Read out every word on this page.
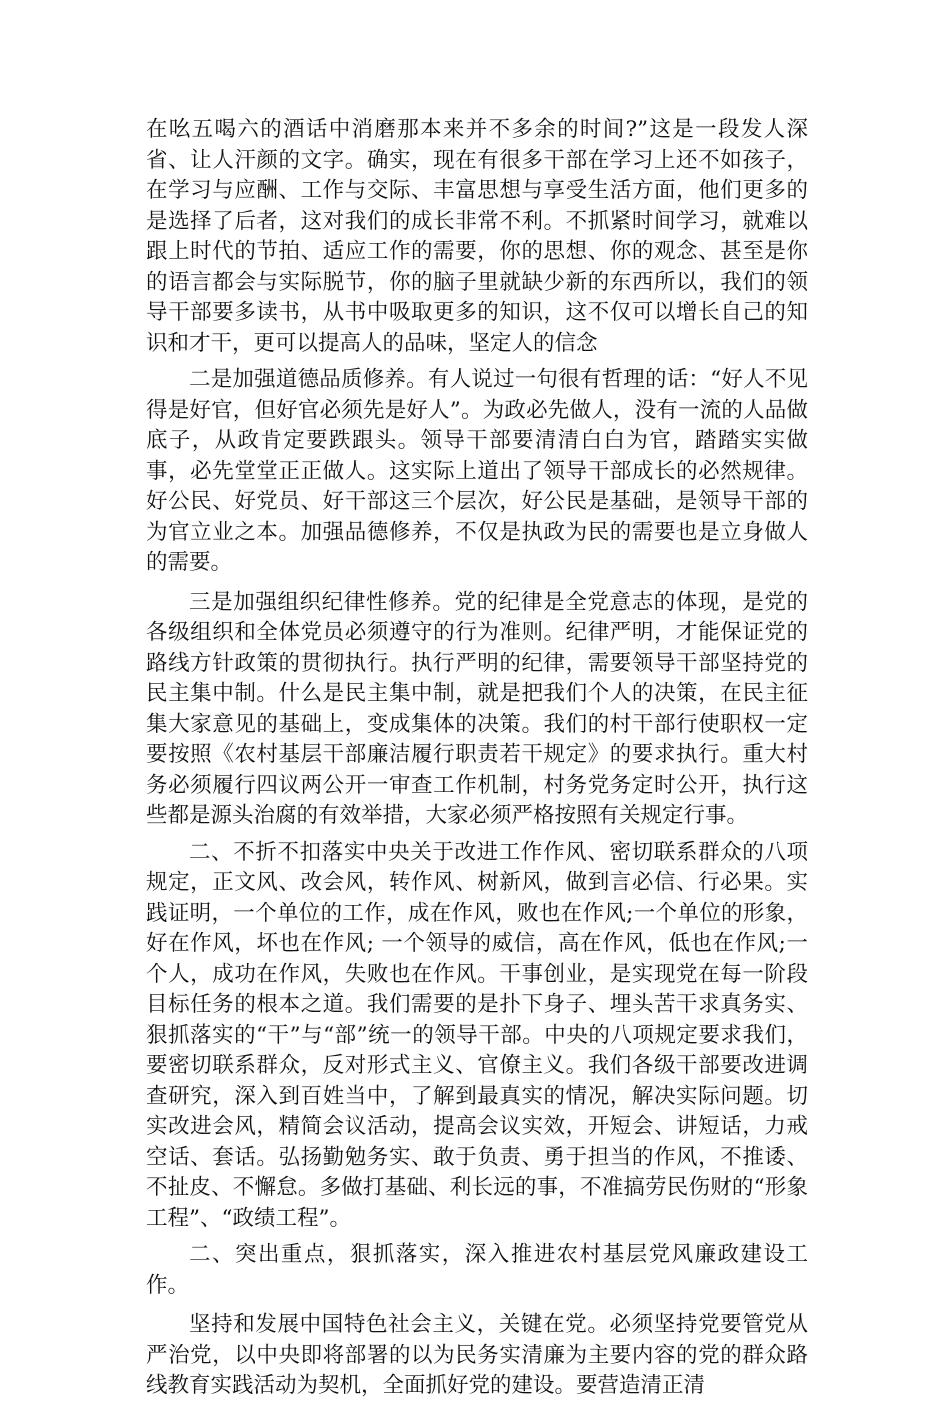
在吆五喝六的酒话中消磨那本来并不多余的时间?”这是一段发人深省、让人汗颜的文字。确实，现在有很多干部在学习上还不如孩子，在学习与应酬、工作与交际、丰富思想与享受生活方面，他们更多的是选择了后者，这对我们的成长非常不利。不抓紧时间学习，就难以跟上时代的节拍、适应工作的需要，你的思想、你的观念、甚至是你的语言都会与实际脱节，你的脑子里就缺少新的东西所以，我们的领导干部要多读书，从书中吸取更多的知识，这不仅可以增长自己的知识和才干，更可以提高人的品味，坚定人的信念

二是加强道德品质修养。有人说过一句很有哲理的话：“好人不见得是好官，但好官必须先是好人”。为政必先做人，没有一流的人品做底子，从政肯定要跌跟头。领导干部要清清白白为官，踏踏实实做事，必先堂堂正正做人。这实际上道出了领导干部成长的必然规律。好公民、好党员、好干部这三个层次，好公民是基础，是领导干部的为官立业之本。加强品德修养，不仅是执政为民的需要也是立身做人的需要。

三是加强组织纪律性修养。党的纪律是全党意志的体现，是党的各级组织和全体党员必须遵守的行为准则。纪律严明，才能保证党的路线方针政策的贯彻执行。执行严明的纪律，需要领导干部坚持党的民主集中制。什么是民主集中制，就是把我们个人的决策，在民主征集大家意见的基础上，变成集体的决策。我们的村干部行使职权一定要按照《农村基层干部廉洁履行职责若干规定》的要求执行。重大村务必须履行四议两公开一审查工作机制，村务党务定时公开，执行这些都是源头治腐的有效举措，大家必须严格按照有关规定行事。

二、不折不扣落实中央关于改进工作作风、密切联系群众的八项规定，正文风、改会风，转作风、树新风，做到言必信、行必果。实践证明，一个单位的工作，成在作风，败也在作风;一个单位的形象，好在作风，坏也在作风; 一个领导的威信，高在作风，低也在作风;一个人，成功在作风，失败也在作风。干事创业，是实现党在每一阶段目标任务的根本之道。我们需要的是扑下身子、埋头苦干求真务实、狠抓落实的“干”与“部”统一的领导干部。中央的八项规定要求我们，要密切联系群众，反对形式主义、官僚主义。我们各级干部要改进调查研究，深入到百姓当中，了解到最真实的情况，解决实际问题。切实改进会风，精简会议活动，提高会议实效，开短会、讲短话，力戒空话、套话。弘扬勤勉务实、敢于负责、勇于担当的作风，不推诿、不扯皮、不懈怠。多做打基础、利长远的事，不准搞劳民伤财的“形象工程”、“政绩工程”。

二、突出重点，狠抓落实，深入推进农村基层党风廉政建设工作。

坚持和发展中国特色社会主义，关键在党。必须坚持党要管党从严治党，以中央即将部署的以为民务实清廉为主要内容的党的群众路线教育实践活动为契机，全面抓好党的建设。要营造清正清
